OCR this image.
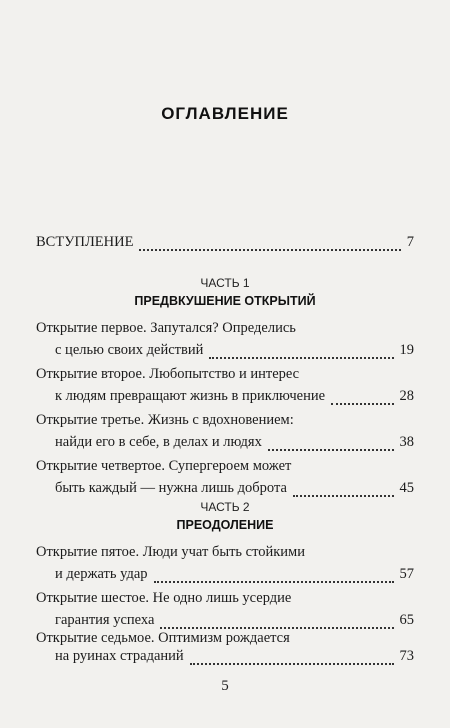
ОГЛАВЛЕНИЕ
ВСТУПЛЕНИЕ	7
ЧАСТЬ 1
ПРЕДВКУШЕНИЕ ОТКРЫТИЙ
Открытие первое. Запутался? Определись
с целью своих действий	19
Открытие второе. Любопытство и интерес
к людям превращают жизнь в приключение	28
Открытие третье. Жизнь с вдохновением:
найди его в себе, в делах и людях	38
Открытие четвертое. Супергероем может
быть каждый — нужна лишь доброта	45
ЧАСТЬ 2
ПРЕОДОЛЕНИЕ
Открытие пятое. Люди учат быть стойкими
и держать удар	57
Открытие шестое. Не одно лишь усердие
гарантия успеха	65
Открытие седьмое. Оптимизм рождается
на руинах страданий	73
5
